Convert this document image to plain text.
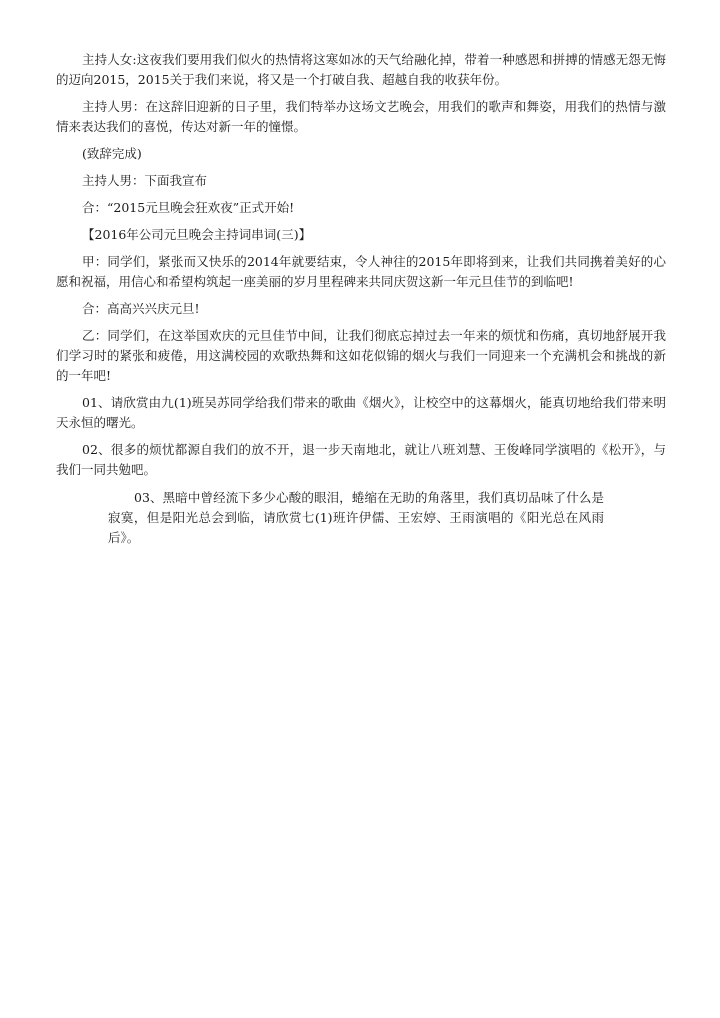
主持人女:这夜我们要用我们似火的热情将这寒如冰的天气给融化掉，带着一种感恩和拼搏的情感无怨无悔的迈向2015，2015关于我们来说，将又是一个打破自我、超越自我的收获年份。

主持人男：在这辞旧迎新的日子里，我们特举办这场文艺晚会，用我们的歌声和舞姿，用我们的热情与激情来表达我们的喜悦，传达对新一年的憧憬。

(致辞完成)

主持人男：下面我宣布

合：“2015元旦晚会狂欢夜”正式开始!

【2016年公司元旦晚会主持词串词(三)】

甲：同学们，紧张而又快乐的2014年就要结束，令人神往的2015年即将到来，让我们共同携着美好的心愿和祝福，用信心和希望构筑起一座美丽的岁月里程碑来共同庆贺这新一年元旦佳节的到临吧!

合：高高兴兴庆元旦!

乙：同学们，在这举国欢庆的元旦佳节中间，让我们彻底忘掉过去一年来的烦忧和伤痛，真切地舒展开我们学习时的紧张和疲倦，用这满校园的欢歌热舞和这如花似锦的烟火与我们一同迎来一个充满机会和挑战的新的一年吧!

01、请欣赏由九(1)班吴苏同学给我们带来的歌曲《烟火》，让校空中的这幕烟火，能真切地给我们带来明天永恒的曙光。

02、很多的烦忧都源自我们的放不开，退一步天南地北，就让八班刘慧、王俊峰同学演唱的《松开》，与我们一同共勉吧。

03、黑暗中曾经流下多少心酸的眼泪，蜷缩在无助的角落里，我们真切品味了什么是寂寞，但是阳光总会到临，请欣赏七(1)班许伊儒、王宏婷、王雨演唱的《阳光总在风雨后》。
